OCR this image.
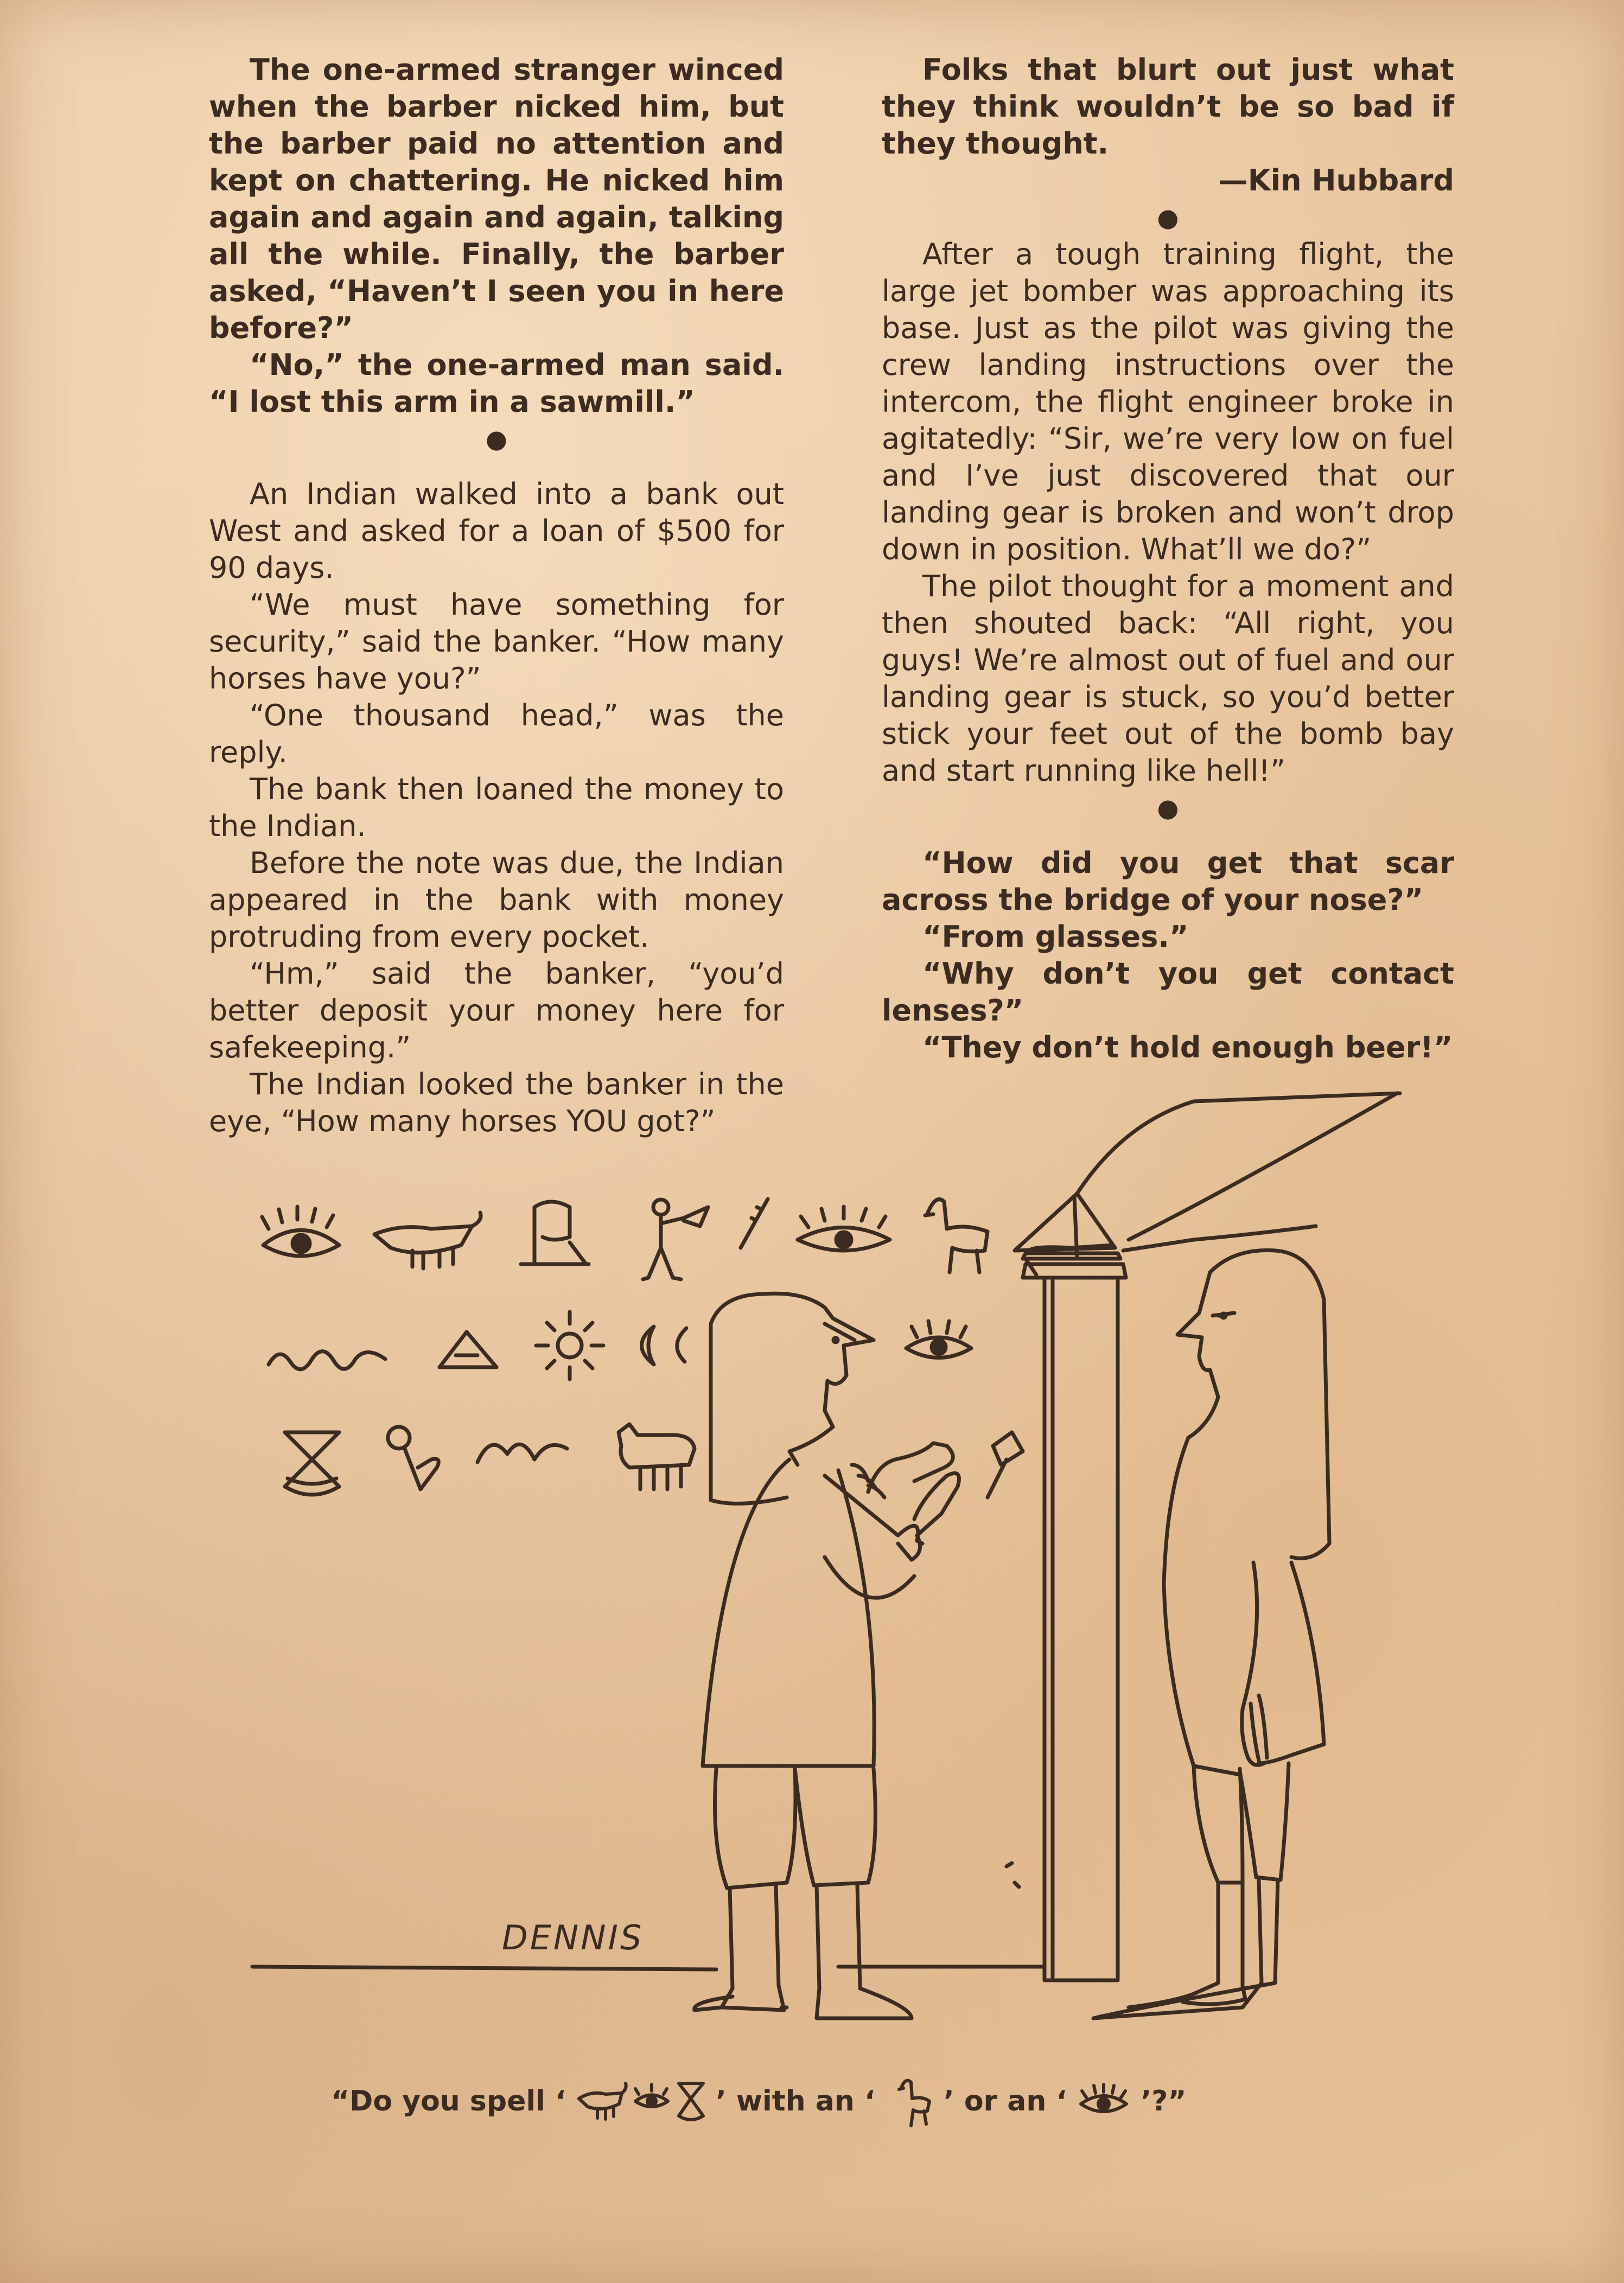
The one-armed stranger winced when the barber nicked him, but the barber paid no attention and kept on chattering. He nicked him again and again and again, talking all the while. Finally, the barber asked, “Haven’t I seen you in here before?”

“No,” the one-armed man said. “I lost this arm in a sawmill.”

●

An Indian walked into a bank out West and asked for a loan of $500 for 90 days.

“We must have something for security,” said the banker. “How many horses have you?”

“One thousand head,” was the reply.

The bank then loaned the money to the Indian.

Before the note was due, the Indian appeared in the bank with money protruding from every pocket.

“Hm,” said the banker, “you’d better deposit your money here for safekeeping.”

The Indian looked the banker in the eye, “How many horses YOU got?”

Folks that blurt out just what they think wouldn’t be so bad if they thought.

—Kin Hubbard

●

After a tough training flight, the large jet bomber was approaching its base. Just as the pilot was giving the crew landing instructions over the intercom, the flight engineer broke in agitatedly: “Sir, we’re very low on fuel and I’ve just discovered that our landing gear is broken and won’t drop down in position. What’ll we do?”

The pilot thought for a moment and then shouted back: “All right, you guys! We’re almost out of fuel and our landing gear is stuck, so you’d better stick your feet out of the bomb bay and start running like hell!”

●

“How did you get that scar across the bridge of your nose?”

“From glasses.”

“Why don’t you get contact lenses?”

“They don’t hold enough beer!”

DENNIS
“Do you spell ‘	’ with an ‘ ’ or an ‘	’?”
